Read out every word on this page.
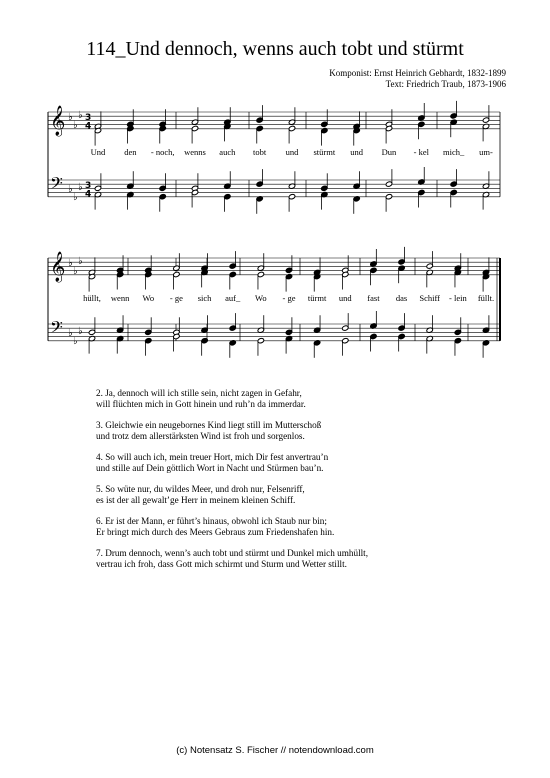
114_Und dennoch, wenns auch tobt und stürmt
Komponist: Ernst Heinrich Gebhardt, 1832-1899
Text: Friedrich Traub, 1873-1906
𝄞
𝄢
♭
♭
♭
♭
♭
♭
3
4
3
4
Und den - noch, wenns auch tobt und stürmt und Dun - kel mich_ um-
𝄞
𝄢
♭
♭
♭
♭
♭
♭
hüllt, wenn Wo - ge sich auf_ Wo - ge türmt und fast das Schiff - lein füllt.
2. Ja, dennoch will ich stille sein, nicht zagen in Gefahr,
will flüchten mich in Gott hinein und ruh’n da immerdar.
3. Gleichwie ein neugebornes Kind liegt still im Mutterschoß
und trotz dem allerstärksten Wind ist froh und sorgenlos.
4. So will auch ich, mein treuer Hort, mich Dir fest anvertrau’n
und stille auf Dein göttlich Wort in Nacht und Stürmen bau’n.
5. So wüte nur, du wildes Meer, und droh nur, Felsenriff,
es ist der all gewalt’ge Herr in meinem kleinen Schiff.
6. Er ist der Mann, er führt’s hinaus, obwohl ich Staub nur bin;
Er bringt mich durch des Meers Gebraus zum Friedenshafen hin.
7. Drum dennoch, wenn’s auch tobt und stürmt und Dunkel mich umhüllt,
vertrau ich froh, dass Gott mich schirmt und Sturm und Wetter stillt.
(c) Notensatz S. Fischer // notendownload.com
